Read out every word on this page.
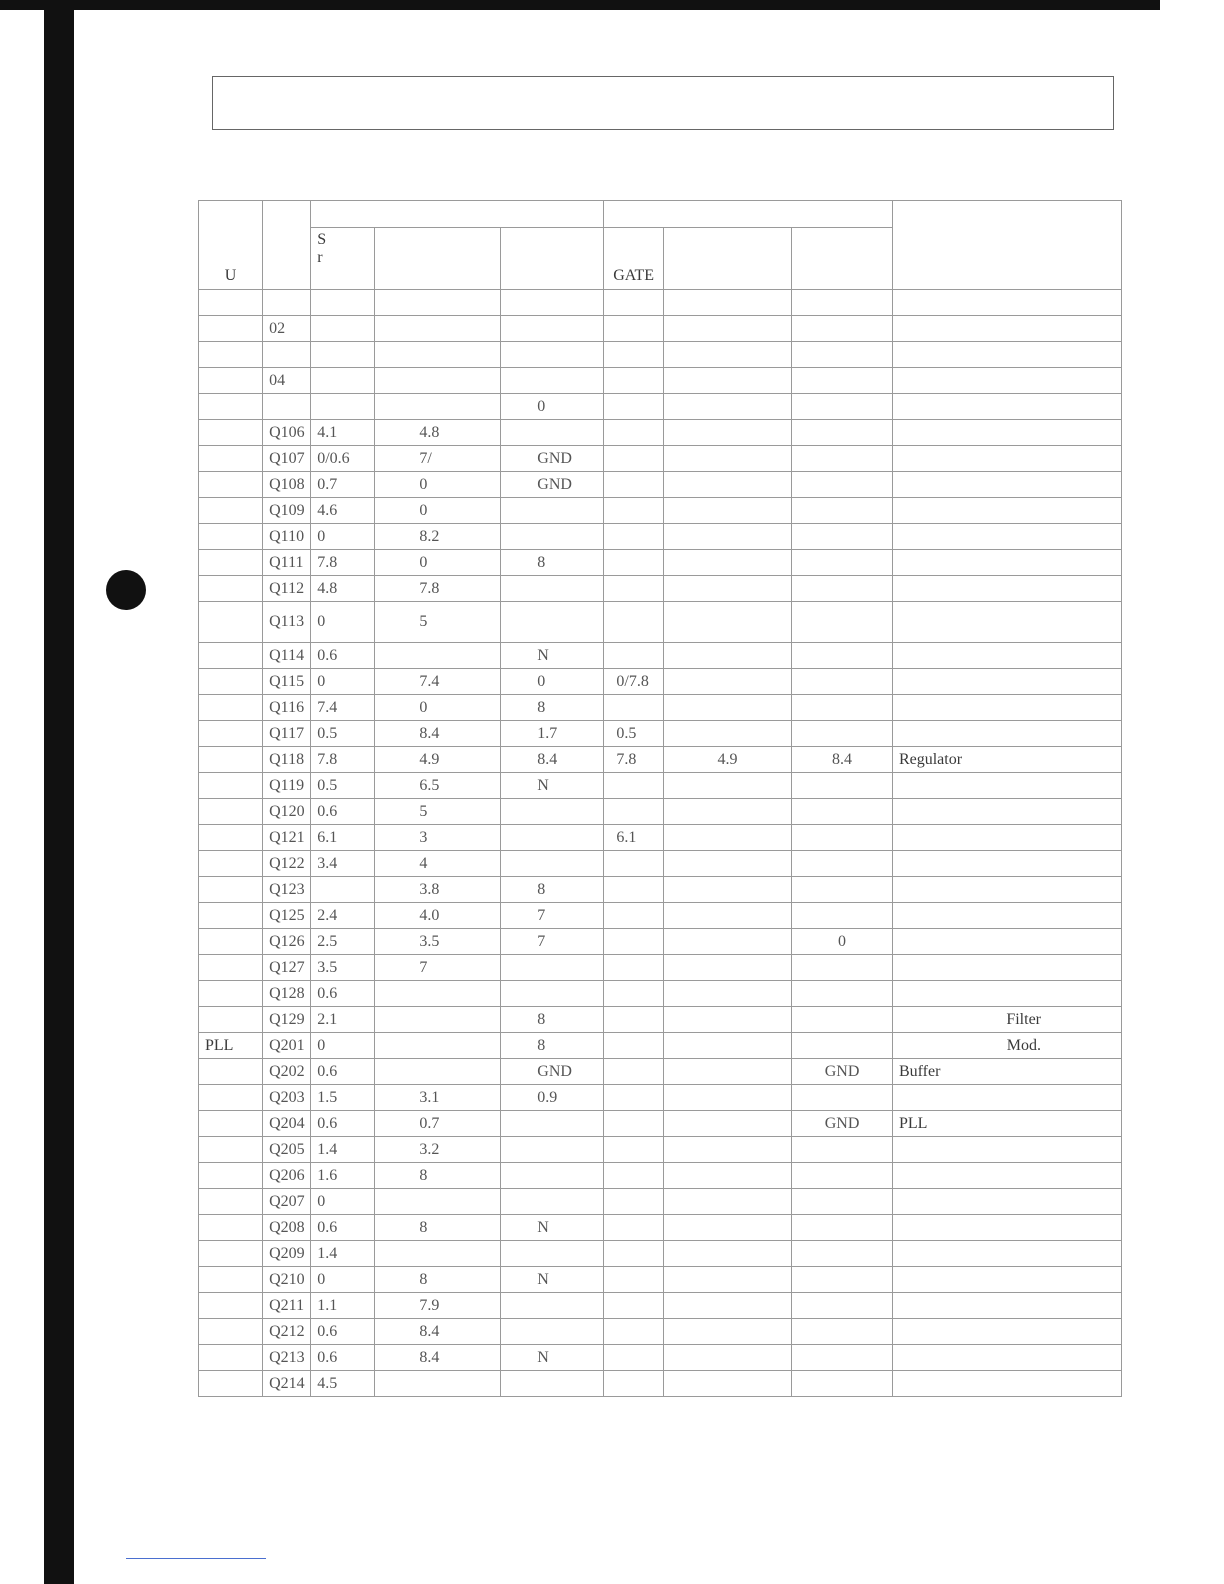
U								
		S
r			GATE			

	02							

	04							
				0				
	Q106	4.1	4.8					
	Q107	0/0.6	7/	GND				
	Q108	0.7	0	GND				
	Q109	4.6	0					
	Q110	0	8.2					
	Q111	7.8	0	8				
	Q112	4.8	7.8					
	Q113	0	5					
	Q114	0.6		N				
	Q115	0	7.4	0	0/7.8			
	Q116	7.4	0	8				
	Q117	0.5	8.4	1.7	0.5			
	Q118	7.8	4.9	8.4	7.8	4.9	8.4	Regulator
	Q119	0.5	6.5	N				
	Q120	0.6	5					
	Q121	6.1	3		6.1			
	Q122	3.4	4					
	Q123		3.8	8				
	Q125	2.4	4.0	7				
	Q126	2.5	3.5	7			0	
	Q127	3.5	7					
	Q128	0.6						
	Q129	2.1		8				Filter
PLL	Q201	0		8				Mod.
	Q202	0.6		GND			GND	Buffer
	Q203	1.5	3.1	0.9				
	Q204	0.6	0.7				GND	PLL
	Q205	1.4	3.2					
	Q206	1.6	8					
	Q207	0						
	Q208	0.6	8	N				
	Q209	1.4						
	Q210	0	8	N				
	Q211	1.1	7.9					
	Q212	0.6	8.4					
	Q213	0.6	8.4	N				
	Q214	4.5						
